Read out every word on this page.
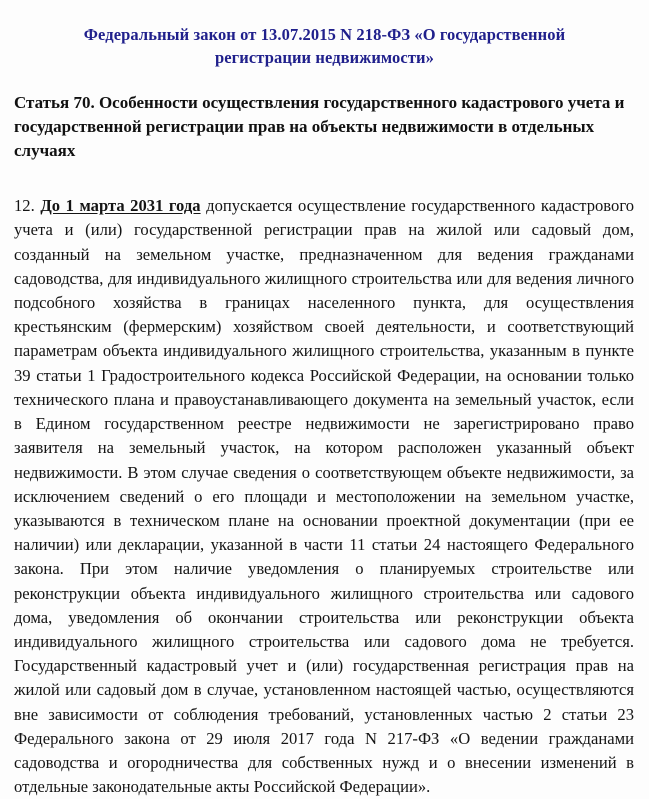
Федеральный закон от 13.07.2015 N 218-ФЗ «О государственной регистрации недвижимости»
Статья 70. Особенности осуществления государственного кадастрового учета и государственной регистрации прав на объекты недвижимости в отдельных случаях

12. До 1 марта 2031 года допускается осуществление государственного кадастрового учета и (или) государственной регистрации прав на жилой или садовый дом, созданный на земельном участке, предназначенном для ведения гражданами садоводства, для индивидуального жилищного строительства или для ведения личного подсобного хозяйства в границах населенного пункта, для осуществления крестьянским (фермерским) хозяйством своей деятельности, и соответствующий параметрам объекта индивидуального жилищного строительства, указанным в пункте 39 статьи 1 Градостроительного кодекса Российской Федерации, на основании только технического плана и правоустанавливающего документа на земельный участок, если в Едином государственном реестре недвижимости не зарегистрировано право заявителя на земельный участок, на котором расположен указанный объект недвижимости. В этом случае сведения о соответствующем объекте недвижимости, за исключением сведений о его площади и местоположении на земельном участке, указываются в техническом плане на основании проектной документации (при ее наличии) или декларации, указанной в части 11 статьи 24 настоящего Федерального закона. При этом наличие уведомления о планируемых строительстве или реконструкции объекта индивидуального жилищного строительства или садового дома, уведомления об окончании строительства или реконструкции объекта индивидуального жилищного строительства или садового дома не требуется. Государственный кадастровый учет и (или) государственная регистрация прав на жилой или садовый дом в случае, установленном настоящей частью, осуществляются вне зависимости от соблюдения требований, установленных частью 2 статьи 23 Федерального закона от 29 июля 2017 года N 217-ФЗ «О ведении гражданами садоводства и огородничества для собственных нужд и о внесении изменений в отдельные законодательные акты Российской Федерации».
